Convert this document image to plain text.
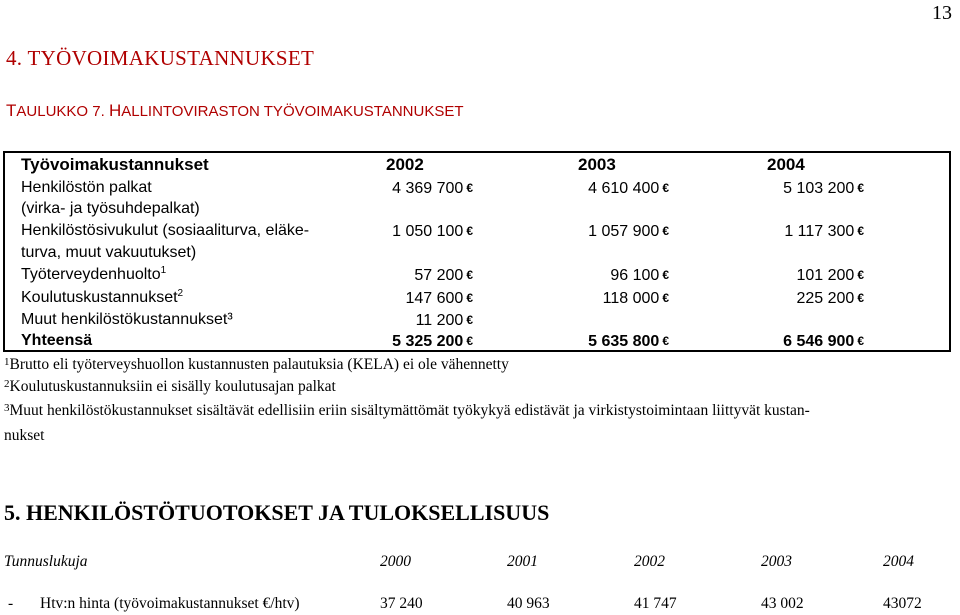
13
4. TYÖVOIMAKUSTANNUKSET
TAULUKKO 7. HALLINTOVIRASTON TYÖVOIMAKUSTANNUKSET
Työvoimakustannukset	2002	2003	2004
Henkilöstön palkat
(virka- ja työsuhdepalkat)
4 369 700 €	4 610 400 €	5 103 200 €
Henkilöstösivukulut (sosiaaliturva, eläke-
turva, muut vakuutukset)
1 050 100 €	1 057 900 €	1 117 300 €
Työterveydenhuolto$^1$	57 200 €	96 100 €	101 200 €
Koulutuskustannukset$^2$	147 600 €	118 000 €	225 200 €
Muut henkilöstökustannukset³	11 200 €
Yhteensä	5 325 200 €	5 635 800 €	6 546 900 €
$^1$Brutto eli työterveyshuollon kustannusten palautuksia (KELA) ei ole vähennetty
$^2$Koulutuskustannuksiin ei sisälly koulutusajan palkat
$^3$Muut henkilöstökustannukset sisältävät edellisiin eriin sisältymättömät työkykyä edistävät ja virkistystoimintaan liittyvät kustan-
nukset
5. HENKILÖSTÖTUOTOKSET JA TULOKSELLISUUS
Tunnuslukuja	2000	2001	2002	2003	2004
- Htv:n hinta (työvoimakustannukset €/htv)	37 240	40 963	41 747	43 002	43072
